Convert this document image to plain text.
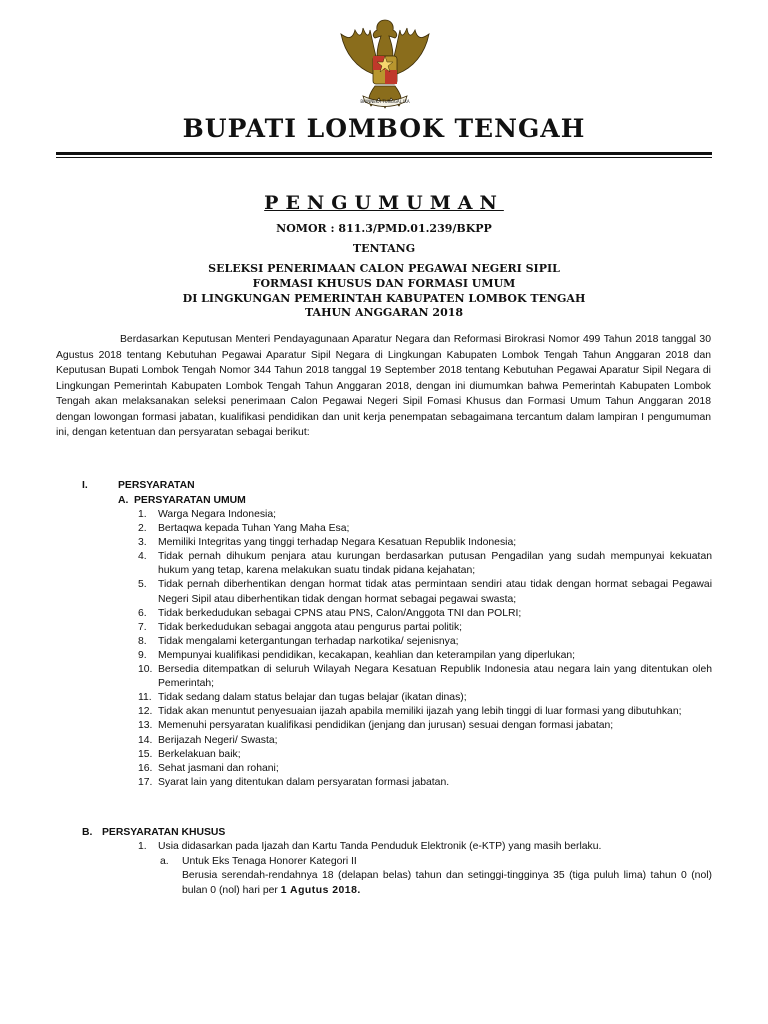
BHINNEKA TUNGGAL IKA
BUPATI LOMBOK TENGAH
PENGUMUMAN
NOMOR : 811.3/PMD.01.239/BKPP
TENTANG
SELEKSI PENERIMAAN CALON PEGAWAI NEGERI SIPIL
FORMASI KHUSUS DAN FORMASI UMUM
DI LINGKUNGAN PEMERINTAH KABUPATEN LOMBOK TENGAH
TAHUN ANGGARAN 2018

Berdasarkan Keputusan Menteri Pendayagunaan Aparatur Negara dan Reformasi Birokrasi Nomor 499 Tahun 2018 tanggal 30 Agustus 2018 tentang Kebutuhan Pegawai Aparatur Sipil Negara di Lingkungan Kabupaten Lombok Tengah Tahun Anggaran 2018 dan Keputusan Bupati Lombok Tengah Nomor 344 Tahun 2018 tanggal 19 September 2018 tentang Kebutuhan Pegawai Aparatur Sipil Negara di Lingkungan Pemerintah Kabupaten Lombok Tengah Tahun Anggaran 2018, dengan ini diumumkan bahwa Pemerintah Kabupaten Lombok Tengah akan melaksanakan seleksi penerimaan Calon Pegawai Negeri Sipil Fomasi Khusus dan Formasi Umum Tahun Anggaran 2018 dengan lowongan formasi jabatan, kualifikasi pendidikan dan unit kerja penempatan sebagaimana tercantum dalam lampiran I pengumuman ini, dengan ketentuan dan persyaratan sebagai berikut:

I.	PERSYARATAN
A. PERSYARATAN UMUM
1.	Warga Negara Indonesia;
2.	Bertaqwa kepada Tuhan Yang Maha Esa;
3.	Memiliki Integritas yang tinggi terhadap Negara Kesatuan Republik Indonesia;
4.	Tidak pernah dihukum penjara atau kurungan berdasarkan putusan Pengadilan yang sudah mempunyai kekuatan hukum yang tetap, karena melakukan suatu tindak pidana kejahatan;
5.	Tidak pernah diberhentikan dengan hormat tidak atas permintaan sendiri atau tidak dengan hormat sebagai Pegawai Negeri Sipil atau diberhentikan tidak dengan hormat sebagai pegawai swasta;
6.	Tidak berkedudukan sebagai CPNS atau PNS, Calon/Anggota TNI dan POLRI;
7.	Tidak berkedudukan sebagai anggota atau pengurus partai politik;
8.	Tidak mengalami ketergantungan terhadap narkotika/ sejenisnya;
9.	Mempunyai kualifikasi pendidikan, kecakapan, keahlian dan keterampilan yang diperlukan;
10. Bersedia ditempatkan di seluruh Wilayah Negara Kesatuan Republik Indonesia atau negara lain yang ditentukan oleh Pemerintah;
11. Tidak sedang dalam status belajar dan tugas belajar (ikatan dinas);
12. Tidak akan menuntut penyesuaian ijazah apabila memiliki ijazah yang lebih tinggi di luar formasi yang dibutuhkan;
13. Memenuhi persyaratan kualifikasi pendidikan (jenjang dan jurusan) sesuai dengan formasi jabatan;
14. Berijazah Negeri/ Swasta;
15. Berkelakuan baik;
16. Sehat jasmani dan rohani;
17. Syarat lain yang ditentukan dalam persyaratan formasi jabatan.
B. PERSYARATAN KHUSUS
1.	Usia didasarkan pada Ijazah dan Kartu Tanda Penduduk Elektronik (e-KTP) yang masih berlaku.
a.	Untuk Eks Tenaga Honorer Kategori II
Berusia serendah-rendahnya 18 (delapan belas) tahun dan setinggi-tingginya 35 (tiga puluh lima) tahun 0 (nol) bulan 0 (nol) hari per 1 Agutus 2018.
